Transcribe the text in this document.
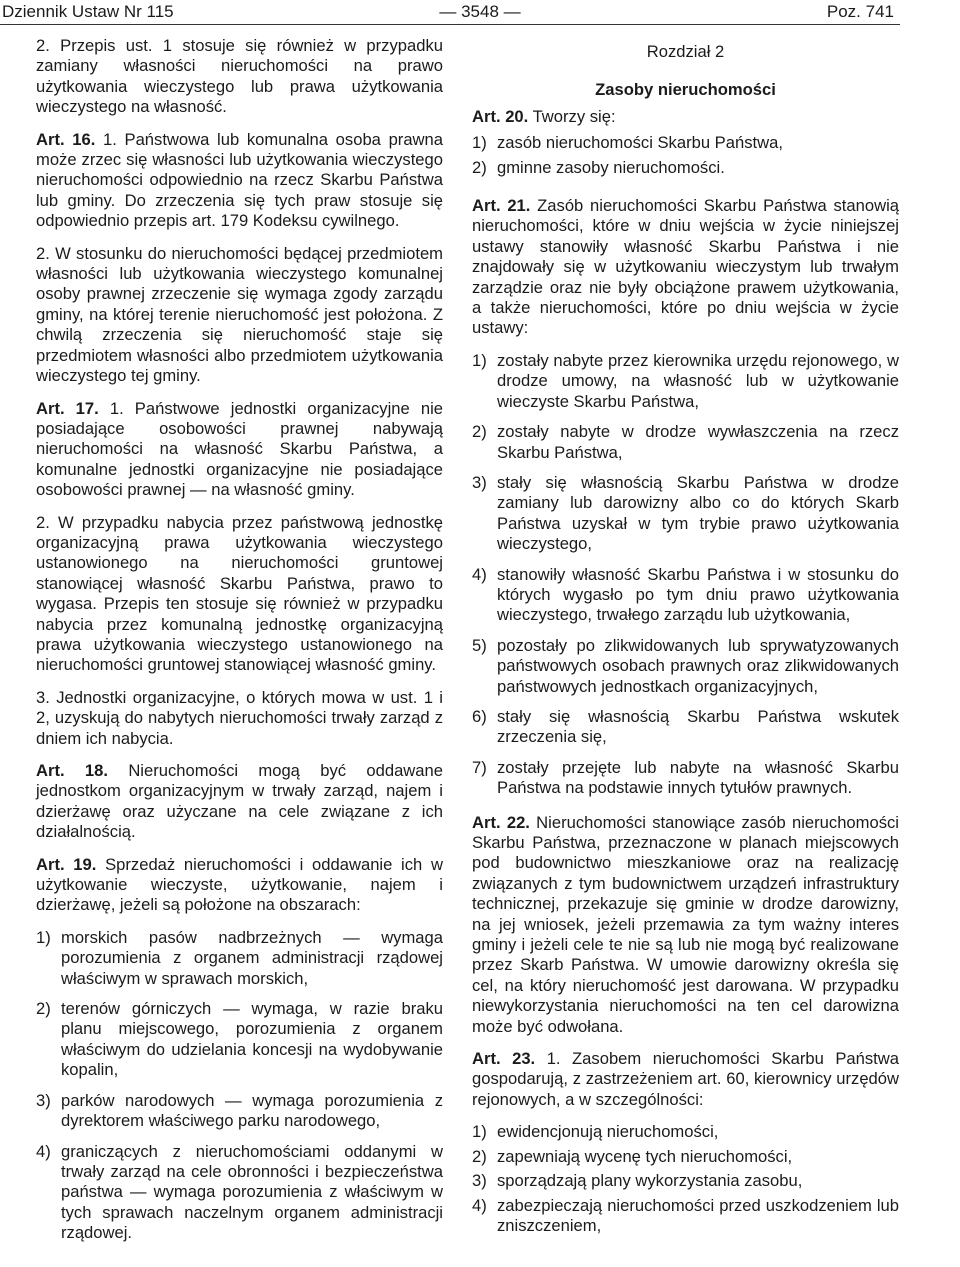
Dziennik Ustaw Nr 115	— 3548 —	Poz. 741

2. Przepis ust. 1 stosuje się również w przypadku zamiany własności nieruchomości na prawo użytkowania wieczystego lub prawa użytkowania wieczystego na własność.

Art. 16. 1. Państwowa lub komunalna osoba prawna może zrzec się własności lub użytkowania wieczystego nieruchomości odpowiednio na rzecz Skarbu Państwa lub gminy. Do zrzeczenia się tych praw stosuje się odpowiednio przepis art. 179 Kodeksu cywilnego.

2. W stosunku do nieruchomości będącej przedmiotem własności lub użytkowania wieczystego komunalnej osoby prawnej zrzeczenie się wymaga zgody zarządu gminy, na której terenie nieruchomość jest położona. Z chwilą zrzeczenia się nieruchomość staje się przedmiotem własności albo przedmiotem użytkowania wieczystego tej gminy.

Art. 17. 1. Państwowe jednostki organizacyjne nie posiadające osobowości prawnej nabywają nieruchomości na własność Skarbu Państwa, a komunalne jednostki organizacyjne nie posiadające osobowości prawnej — na własność gminy.

2. W przypadku nabycia przez państwową jednostkę organizacyjną prawa użytkowania wieczystego ustanowionego na nieruchomości gruntowej stanowiącej własność Skarbu Państwa, prawo to wygasa. Przepis ten stosuje się również w przypadku nabycia przez komunalną jednostkę organizacyjną prawa użytkowania wieczystego ustanowionego na nieruchomości gruntowej stanowiącej własność gminy.

3. Jednostki organizacyjne, o których mowa w ust. 1 i 2, uzyskują do nabytych nieruchomości trwały zarząd z dniem ich nabycia.

Art. 18. Nieruchomości mogą być oddawane jednostkom organizacyjnym w trwały zarząd, najem i dzierżawę oraz użyczane na cele związane z ich działalnością.

Art. 19. Sprzedaż nieruchomości i oddawanie ich w użytkowanie wieczyste, użytkowanie, najem i dzierżawę, jeżeli są położone na obszarach:

1) morskich pasów nadbrzeżnych — wymaga porozumienia z organem administracji rządowej właściwym w sprawach morskich,
2) terenów górniczych — wymaga, w razie braku planu miejscowego, porozumienia z organem właściwym do udzielania koncesji na wydobywanie kopalin,
3) parków narodowych — wymaga porozumienia z dyrektorem właściwego parku narodowego,
4) graniczących z nieruchomościami oddanymi w trwały zarząd na cele obronności i bezpieczeństwa państwa — wymaga porozumienia z właściwym w tych sprawach naczelnym organem administracji rządowej.

Rozdział 2

Zasoby nieruchomości

Art. 20. Tworzy się:

1) zasób nieruchomości Skarbu Państwa,
2) gminne zasoby nieruchomości.

Art. 21. Zasób nieruchomości Skarbu Państwa stanowią nieruchomości, które w dniu wejścia w życie niniejszej ustawy stanowiły własność Skarbu Państwa i nie znajdowały się w użytkowaniu wieczystym lub trwałym zarządzie oraz nie były obciążone prawem użytkowania, a także nieruchomości, które po dniu wejścia w życie ustawy:

1) zostały nabyte przez kierownika urzędu rejonowego, w drodze umowy, na własność lub w użytkowanie wieczyste Skarbu Państwa,
2) zostały nabyte w drodze wywłaszczenia na rzecz Skarbu Państwa,
3) stały się własnością Skarbu Państwa w drodze zamiany lub darowizny albo co do których Skarb Państwa uzyskał w tym trybie prawo użytkowania wieczystego,
4) stanowiły własność Skarbu Państwa i w stosunku do których wygasło po tym dniu prawo użytkowania wieczystego, trwałego zarządu lub użytkowania,
5) pozostały po zlikwidowanych lub sprywatyzowanych państwowych osobach prawnych oraz zlikwidowanych państwowych jednostkach organizacyjnych,
6) stały się własnością Skarbu Państwa wskutek zrzeczenia się,
7) zostały przejęte lub nabyte na własność Skarbu Państwa na podstawie innych tytułów prawnych.

Art. 22. Nieruchomości stanowiące zasób nieruchomości Skarbu Państwa, przeznaczone w planach miejscowych pod budownictwo mieszkaniowe oraz na realizację związanych z tym budownictwem urządzeń infrastruktury technicznej, przekazuje się gminie w drodze darowizny, na jej wniosek, jeżeli przemawia za tym ważny interes gminy i jeżeli cele te nie są lub nie mogą być realizowane przez Skarb Państwa. W umowie darowizny określa się cel, na który nieruchomość jest darowana. W przypadku niewykorzystania nieruchomości na ten cel darowizna może być odwołana.

Art. 23. 1. Zasobem nieruchomości Skarbu Państwa gospodarują, z zastrzeżeniem art. 60, kierownicy urzędów rejonowych, a w szczególności:

1) ewidencjonują nieruchomości,
2) zapewniają wycenę tych nieruchomości,
3) sporządzają plany wykorzystania zasobu,
4) zabezpieczają nieruchomości przed uszkodzeniem lub zniszczeniem,
